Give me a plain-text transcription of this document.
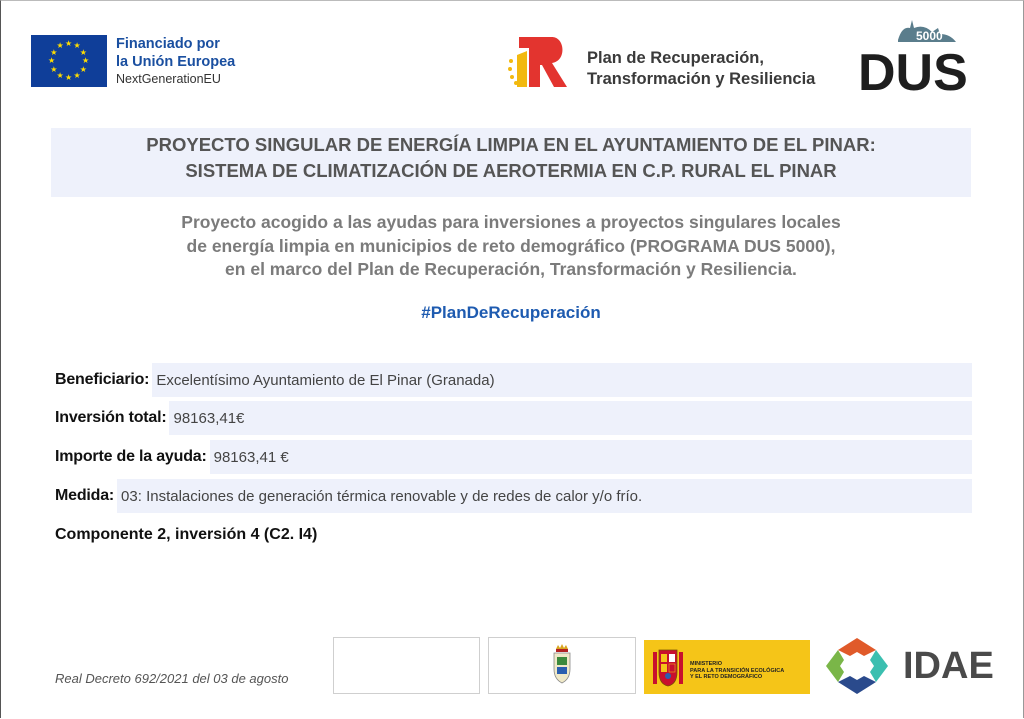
★ ★
★
★
★
★
★
★
★
★
★
★	Financiado por
la Unión Europea
NextGenerationEU
Plan de Recuperación,
Transformación y Resiliencia
5000
DUS
PROYECTO SINGULAR DE ENERGÍA LIMPIA EN EL AYUNTAMIENTO DE EL PINAR:
SISTEMA DE CLIMATIZACIÓN DE AEROTERMIA EN C.P. RURAL EL PINAR
Proyecto acogido a las ayudas para inversiones a proyectos singulares locales
de energía limpia en municipios de reto demográfico (PROGRAMA DUS 5000),
en el marco del Plan de Recuperación, Transformación y Resiliencia.
#PlanDeRecuperación
Beneficiario: Excelentísimo Ayuntamiento de El Pinar (Granada)
Inversión total: 98163,41€
Importe de la ayuda: 98163,41 €
Medida: 03: Instalaciones de generación térmica renovable y de redes de calor y/o frío.
Componente 2, inversión 4 (C2. I4)
Real Decreto 692/2021 del 03 de agosto
MINISTERIO
PARA LA TRANSICIÓN ECOLÓGICA
Y EL RETO DEMOGRÁFICO	IDAE
